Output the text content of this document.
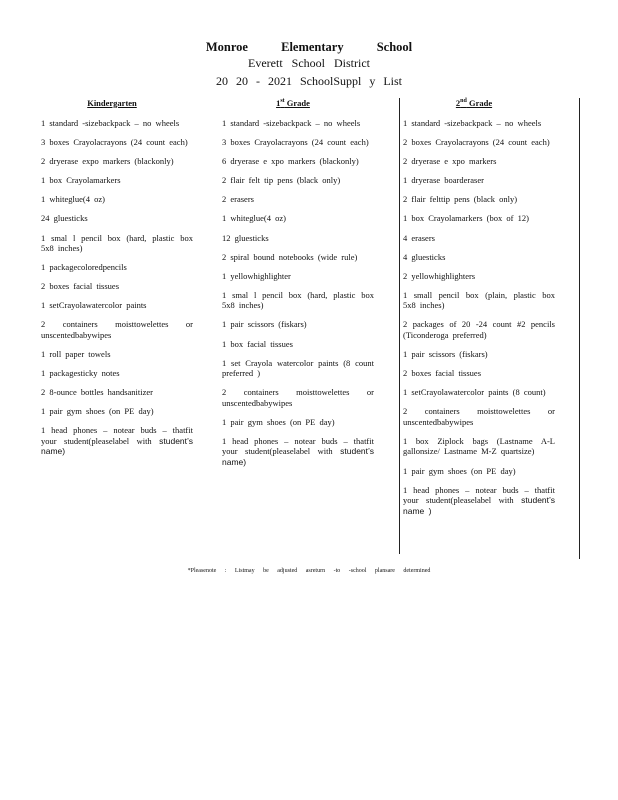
Monroe Elementary School
Everett School District
20 20 - 2021 SchoolSuppl y List
Kindergarten
1 standard -sizebackpack – no wheels
3 boxes Crayolacrayons (24 count each)
2 dryerase expo markers (blackonly)
1 box Crayolamarkers
1 whiteglue(4 oz)
24 gluesticks
1 smal l pencil box (hard, plastic box 5x8 inches)
1 packagecoloredpencils
2 boxes facial tissues
1 setCrayolawatercolor paints
2 containers moisttowelettes or unscentedbabywipes
1 roll paper towels
1 packagesticky notes
2 8-ounce bottles handsanitizer
1 pair gym shoes (on PE day)
1 head phones – notear buds – thatfit your student(pleaselabel with student’s name)
1st Grade
1 standard -sizebackpack – no wheels
3 boxes Crayolacrayons (24 count each)
6 dryerase e xpo markers (blackonly)
2 flair felt tip pens (black only)
2 erasers
1 whiteglue(4 oz)
12 gluesticks
2 spiral bound notebooks (wide rule)
1 yellowhighlighter
1 smal l pencil box (hard, plastic box 5x8 inches)
1 pair scissors (fiskars)
1 box facial tissues
1 set Crayola watercolor paints (8 count preferred )
2 containers moisttowelettes or unscentedbabywipes
1 pair gym shoes (on PE day)
1 head phones – notear buds – thatfit your student(pleaselabel with student’s name)
2nd Grade
1 standard -sizebackpack – no wheels
2 boxes Crayolacrayons (24 count each)
2 dryerase e xpo markers
1 dryerase boarderaser
2 flair felttip pens (black only)
1 box Crayolamarkers (box of 12)
4 erasers
4 gluesticks
2 yellowhighlighters
1 small pencil box (plain, plastic box 5x8 inches)
2 packages of 20 -24 count #2 pencils (Ticonderoga preferred)
1 pair scissors (fiskars)
2 boxes facial tissues
1 setCrayolawatercolor paints (8 count)
2 containers moisttowelettes or unscentedbabywipes
1 box Ziplock bags (Lastname A-L gallonsize/ Lastname M-Z quartsize)
1 pair gym shoes (on PE day)
1 head phones – notear buds – thatfit your student(pleaselabel with student’s name )
*Pleasenote : Listmay be adjusted asreturn -to -school plansare determined
